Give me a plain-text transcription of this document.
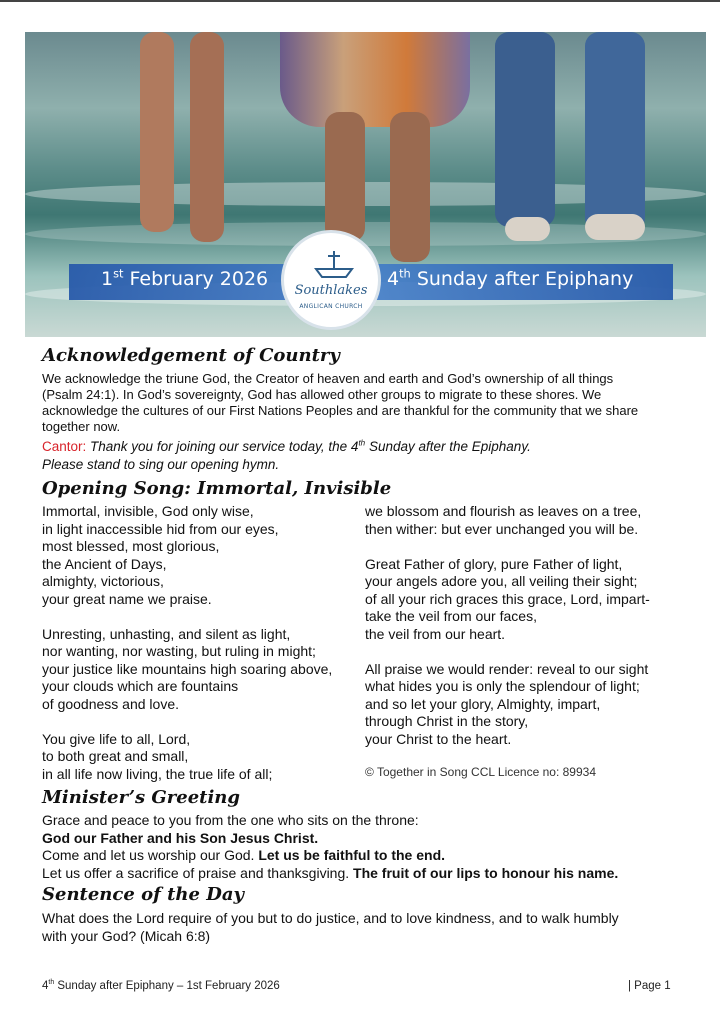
1st February 2026	4th Sunday after Epiphany
Southlakes
ANGLICAN CHURCH
Acknowledgement of Country
We acknowledge the triune God, the Creator of heaven and earth and God’s ownership of all things
(Psalm 24:1). In God’s sovereignty, God has allowed other groups to migrate to these shores. We
acknowledge the cultures of our First Nations Peoples and are thankful for the community that we share
together now.
Cantor: Thank you for joining our service today, the 4th Sunday after the Epiphany.
Please stand to sing our opening hymn.
Opening Song: Immortal, Invisible
Immortal, invisible, God only wise,
in light inaccessible hid from our eyes,
most blessed, most glorious,
the Ancient of Days,
almighty, victorious,
your great name we praise.
Unresting, unhasting, and silent as light,
nor wanting, nor wasting, but ruling in might;
your justice like mountains high soaring above,
your clouds which are fountains
of goodness and love.
You give life to all, Lord,
to both great and small,
in all life now living, the true life of all;
we blossom and flourish as leaves on a tree,
then wither: but ever unchanged you will be.
Great Father of glory, pure Father of light,
your angels adore you, all veiling their sight;
of all your rich graces this grace, Lord, impart-
take the veil from our faces,
the veil from our heart.
All praise we would render: reveal to our sight
what hides you is only the splendour of light;
and so let your glory, Almighty, impart,
through Christ in the story,
your Christ to the heart.
© Together in Song CCL Licence no: 89934
Minister’s Greeting
Grace and peace to you from the one who sits on the throne:
God our Father and his Son Jesus Christ.
Come and let us worship our God. Let us be faithful to the end.
Let us offer a sacrifice of praise and thanksgiving. The fruit of our lips to honour his name.
Sentence of the Day
What does the Lord require of you but to do justice, and to love kindness, and to walk humbly
with your God? (Micah 6:8)
4th Sunday after Epiphany – 1st February 2026	| Page 1
